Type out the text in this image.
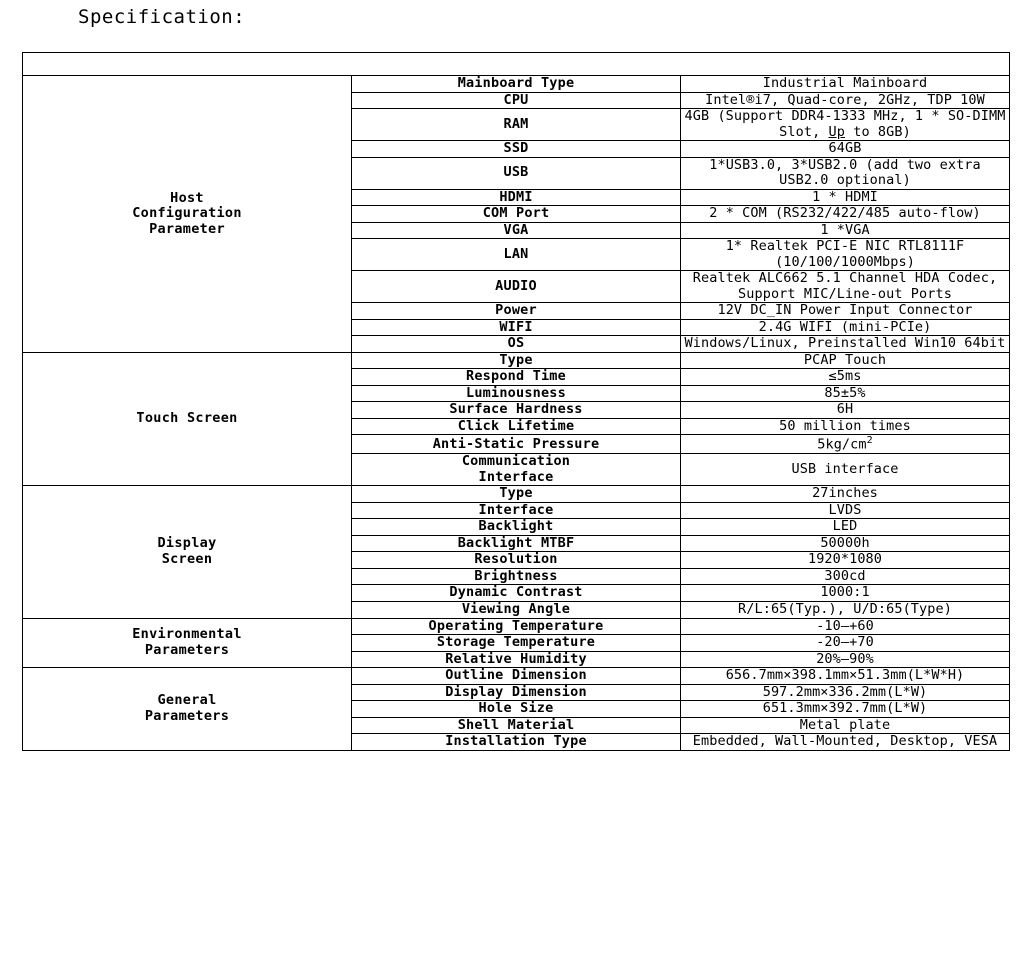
Specification:

Host
Configuration
Parameter	Mainboard Type	Industrial Mainboard
	CPU	Intel®i7, Quad-core, 2GHz, TDP 10W
	RAM	4GB (Support DDR4-1333 MHz, 1 * SO-DIMM Slot, Up to 8GB)
	SSD	64GB
	USB	1*USB3.0, 3*USB2.0 (add two extra USB2.0 optional)
	HDMI	1 * HDMI
	COM Port	2 * COM (RS232/422/485 auto-flow)
	VGA	1 *VGA
	LAN	1* Realtek PCI-E NIC RTL8111F (10/100/1000Mbps)
	AUDIO	Realtek ALC662 5.1 Channel HDA Codec, Support MIC/Line-out Ports
	Power	12V DC_IN Power Input Connector
	WIFI	2.4G WIFI (mini-PCIe)
	OS	Windows/Linux, Preinstalled Win10 64bit

Touch Screen	Type	PCAP Touch
	Respond Time	≤5ms
	Luminousness	85±5%
	Surface Hardness	6H
	Click Lifetime	50 million times
	Anti-Static Pressure	$5kg/cm^2$

	Communication
Interface	USB interface

Display
Screen	Type	27inches
	Interface	LVDS
	Backlight	LED
	Backlight MTBF	50000h
	Resolution	1920*1080
	Brightness	300cd
	Dynamic Contrast	1000:1
	Viewing Angle	R/L:65(Typ.), U/D:65(Type)

Environmental
Parameters	Operating Temperature	-10—+60
	Storage Temperature	-20—+70
	Relative Humidity	20%—90%

General
Parameters	Outline Dimension	656.7mm×398.1mm×51.3mm(L*W*H)
	Display Dimension	597.2mm×336.2mm(L*W)
	Hole Size	651.3mm×392.7mm(L*W)
	Shell Material	Metal plate
	Installation Type	Embedded, Wall-Mounted, Desktop, VESA
